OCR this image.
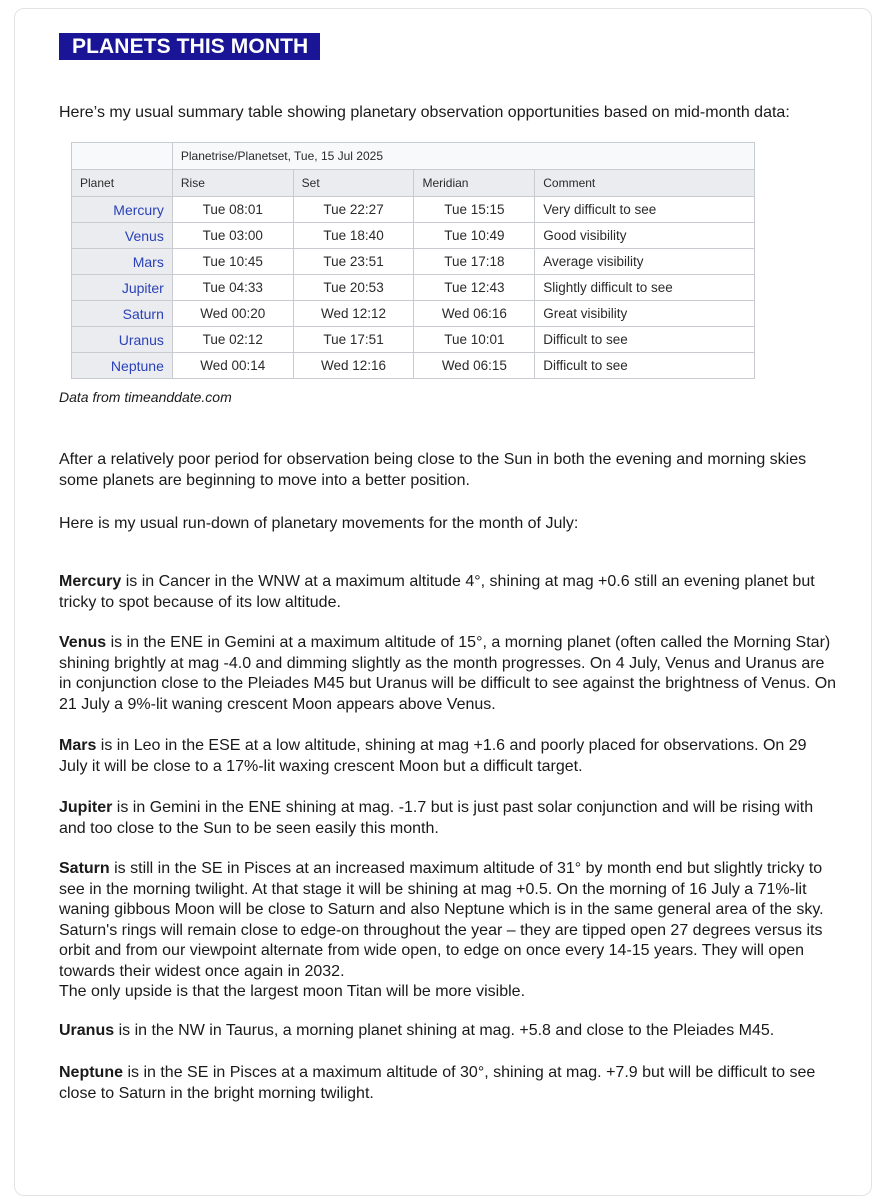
PLANETS THIS MONTH
Here’s my usual summary table showing planetary observation opportunities based on mid-month data:
	Planetrise/Planetset, Tue, 15 Jul 2025			
Planet	Rise	Set	Meridian	Comment
Mercury	Tue 08:01	Tue 22:27	Tue 15:15	Very difficult to see
Venus	Tue 03:00	Tue 18:40	Tue 10:49	Good visibility
Mars	Tue 10:45	Tue 23:51	Tue 17:18	Average visibility
Jupiter	Tue 04:33	Tue 20:53	Tue 12:43	Slightly difficult to see
Saturn	Wed 00:20	Wed 12:12	Wed 06:16	Great visibility
Uranus	Tue 02:12	Tue 17:51	Tue 10:01	Difficult to see
Neptune	Wed 00:14	Wed 12:16	Wed 06:15	Difficult to see
Data from timeanddate.com
After a relatively poor period for observation being close to the Sun in both the evening and morning skies some planets are beginning to move into a better position.
Here is my usual run-down of planetary movements for the month of July:
Mercury is in Cancer in the WNW at a maximum altitude 4°, shining at mag +0.6 still an evening planet but tricky to spot because of its low altitude.
Venus is in the ENE in Gemini at a maximum altitude of 15°, a morning planet (often called the Morning Star) shining brightly at mag -4.0 and dimming slightly as the month progresses. On 4 July, Venus and Uranus are in conjunction close to the Pleiades M45 but Uranus will be difficult to see against the brightness of Venus. On 21 July a 9%-lit waning crescent Moon appears above Venus.
Mars is in Leo in the ESE at a low altitude, shining at mag +1.6 and poorly placed for observations. On 29 July it will be close to a 17%-lit waxing crescent Moon but a difficult target.
Jupiter is in Gemini in the ENE shining at mag. -1.7 but is just past solar conjunction and will be rising with and too close to the Sun to be seen easily this month.
Saturn is still in the SE in Pisces at an increased maximum altitude of 31° by month end but slightly tricky to see in the morning twilight. At that stage it will be shining at mag +0.5. On the morning of 16 July a 71%-lit waning gibbous Moon will be close to Saturn and also Neptune which is in the same general area of the sky. Saturn's rings will remain close to edge-on throughout the year – they are tipped open 27 degrees versus its orbit and from our viewpoint alternate from wide open, to edge on once every 14-15 years. They will open towards their widest once again in 2032.
The only upside is that the largest moon Titan will be more visible.
Uranus is in the NW in Taurus, a morning planet shining at mag. +5.8 and close to the Pleiades M45.
Neptune is in the SE in Pisces at a maximum altitude of 30°, shining at mag. +7.9 but will be difficult to see close to Saturn in the bright morning twilight.
